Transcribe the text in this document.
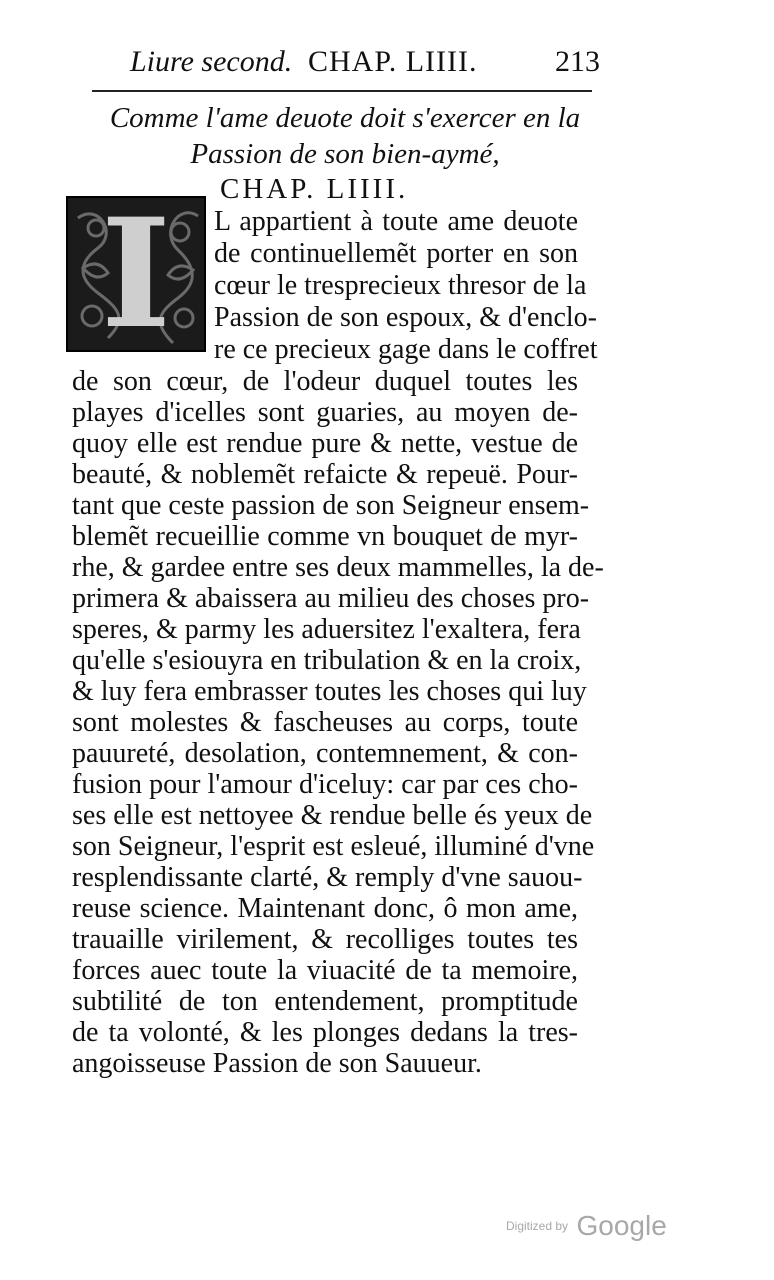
Liure second. CHAP. LIIII.	213
Comme l'ame deuote doit s'exercer en la
Passion de son bien-aymé,
CHAP. LIIII.
I	L appartient à toute ame deuote
de continuellemẽt porter en son
cœur le tresprecieux thresor de la
Passion de son espoux, & d'enclo-
re ce precieux gage dans le coffret
de son cœur, de l'odeur duquel toutes les
playes d'icelles sont guaries, au moyen de-
quoy elle est rendue pure & nette, vestue de
beauté, & noblemẽt refaicte & repeuë. Pour-
tant que ceste passion de son Seigneur ensem-
blemẽt recueillie comme vn bouquet de myr-
rhe, & gardee entre ses deux mammelles, la de-
primera & abaissera au milieu des choses pro-
speres, & parmy les aduersitez l'exaltera, fera
qu'elle s'esiouyra en tribulation & en la croix,
& luy fera embrasser toutes les choses qui luy
sont molestes & fascheuses au corps, toute
pauureté, desolation, contemnement, & con-
fusion pour l'amour d'iceluy: car par ces cho-
ses elle est nettoyee & rendue belle és yeux de
son Seigneur, l'esprit est esleué, illuminé d'vne
resplendissante clarté, & remply d'vne sauou-
reuse science. Maintenant donc, ô mon ame,
trauaille virilement, & recolliges toutes tes
forces auec toute la viuacité de ta memoire,
subtilité de ton entendement, promptitude
de ta volonté, & les plonges dedans la tres-
angoisseuse Passion de son Sauueur.
Digitized by Google
